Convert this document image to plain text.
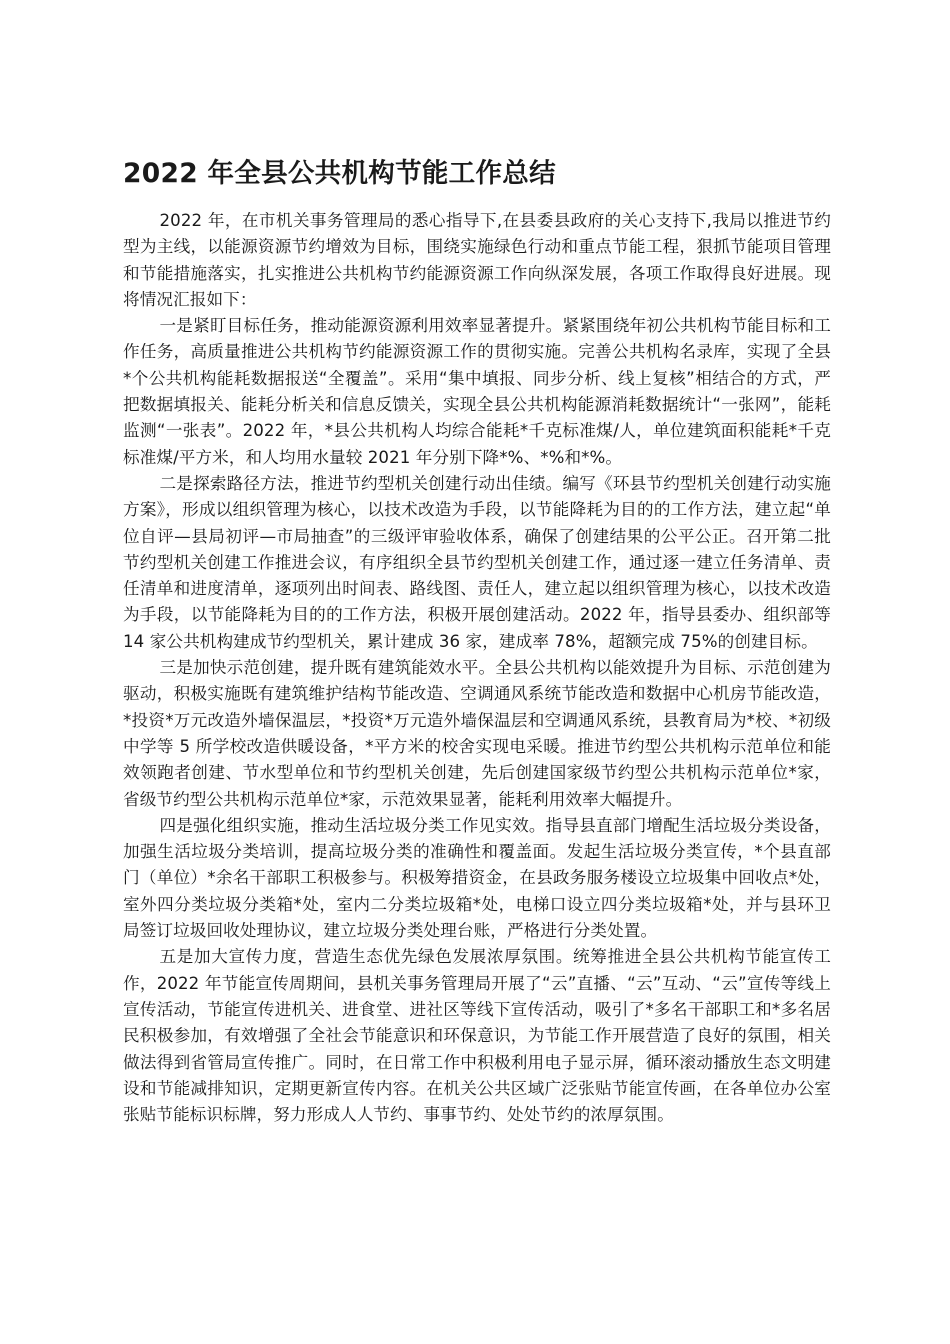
2022 年全县公共机构节能工作总结

2022 年，在市机关事务管理局的悉心指导下,在县委县政府的关心支持下,我局以推进节约型为主线，以能源资源节约增效为目标，围绕实施绿色行动和重点节能工程，狠抓节能项目管理和节能措施落实，扎实推进公共机构节约能源资源工作向纵深发展，各项工作取得良好进展。现将情况汇报如下：

一是紧盯目标任务，推动能源资源利用效率显著提升。紧紧围绕年初公共机构节能目标和工作任务，高质量推进公共机构节约能源资源工作的贯彻实施。完善公共机构名录库，实现了全县*个公共机构能耗数据报送“全覆盖”。采用“集中填报、同步分析、线上复核”相结合的方式，严把数据填报关、能耗分析关和信息反馈关，实现全县公共机构能源消耗数据统计“一张网”，能耗监测“一张表”。2022 年，*县公共机构人均综合能耗*千克标准煤/人，单位建筑面积能耗*千克标准煤/平方米，和人均用水量较 2021 年分别下降*%、*%和*%。

二是探索路径方法，推进节约型机关创建行动出佳绩。编写《环县节约型机关创建行动实施方案》，形成以组织管理为核心，以技术改造为手段，以节能降耗为目的的工作方法，建立起“单位自评—县局初评—市局抽查”的三级评审验收体系，确保了创建结果的公平公正。召开第二批节约型机关创建工作推进会议，有序组织全县节约型机关创建工作，通过逐一建立任务清单、责任清单和进度清单，逐项列出时间表、路线图、责任人，建立起以组织管理为核心，以技术改造为手段，以节能降耗为目的的工作方法，积极开展创建活动。2022 年，指导县委办、组织部等 14 家公共机构建成节约型机关，累计建成 36 家，建成率 78%，超额完成 75%的创建目标。

三是加快示范创建，提升既有建筑能效水平。全县公共机构以能效提升为目标、示范创建为驱动，积极实施既有建筑维护结构节能改造、空调通风系统节能改造和数据中心机房节能改造，*投资*万元改造外墙保温层，*投资*万元造外墙保温层和空调通风系统，县教育局为*校、*初级中学等 5 所学校改造供暖设备，*平方米的校舍实现电采暖。推进节约型公共机构示范单位和能效领跑者创建、节水型单位和节约型机关创建，先后创建国家级节约型公共机构示范单位*家，省级节约型公共机构示范单位*家，示范效果显著，能耗利用效率大幅提升。

四是强化组织实施，推动生活垃圾分类工作见实效。指导县直部门增配生活垃圾分类设备，加强生活垃圾分类培训，提高垃圾分类的准确性和覆盖面。发起生活垃圾分类宣传，*个县直部门（单位）*余名干部职工积极参与。积极筹措资金，在县政务服务楼设立垃圾集中回收点*处，室外四分类垃圾分类箱*处，室内二分类垃圾箱*处，电梯口设立四分类垃圾箱*处，并与县环卫局签订垃圾回收处理协议，建立垃圾分类处理台账，严格进行分类处置。

五是加大宣传力度，营造生态优先绿色发展浓厚氛围。统筹推进全县公共机构节能宣传工作，2022 年节能宣传周期间，县机关事务管理局开展了“云”直播、“云”互动、“云”宣传等线上宣传活动，节能宣传进机关、进食堂、进社区等线下宣传活动，吸引了*多名干部职工和*多名居民积极参加，有效增强了全社会节能意识和环保意识，为节能工作开展营造了良好的氛围，相关做法得到省管局宣传推广。同时，在日常工作中积极利用电子显示屏，循环滚动播放生态文明建设和节能减排知识，定期更新宣传内容。在机关公共区域广泛张贴节能宣传画，在各单位办公室张贴节能标识标牌，努力形成人人节约、事事节约、处处节约的浓厚氛围。
